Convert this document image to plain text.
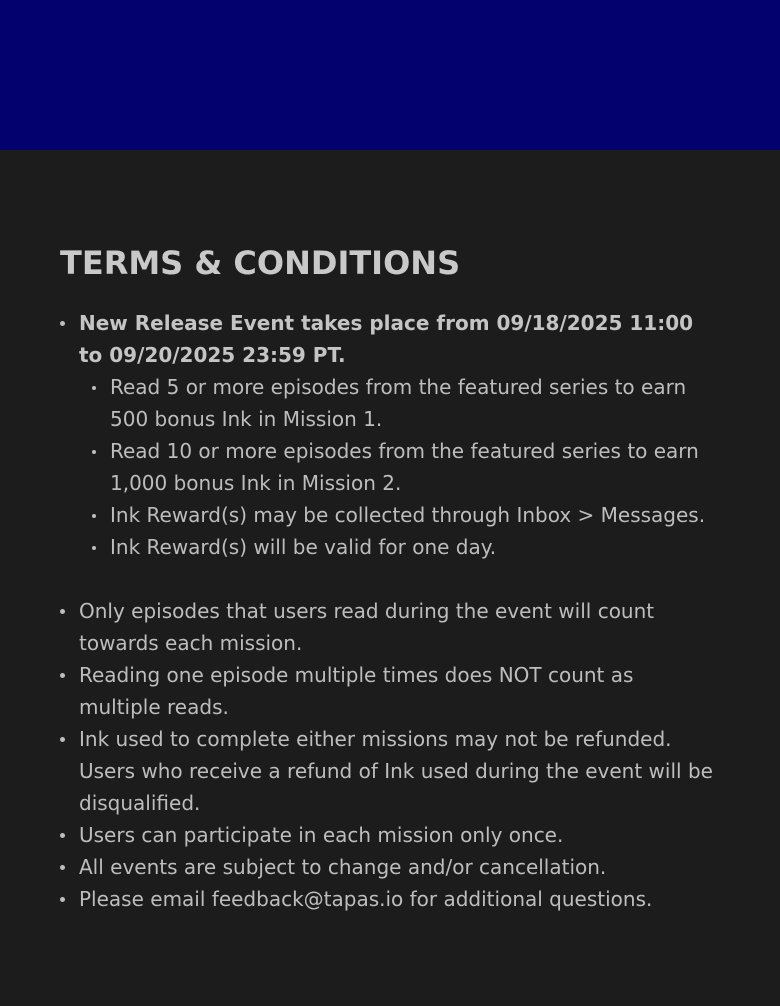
TERMS & CONDITIONS
New Release Event takes place from 09/18/2025 11:00 to 09/20/2025 23:59 PT.
Read 5 or more episodes from the featured series to earn 500 bonus Ink in Mission 1.
Read 10 or more episodes from the featured series to earn 1,000 bonus Ink in Mission 2.
Ink Reward(s) may be collected through Inbox > Messages.
Ink Reward(s) will be valid for one day.
Only episodes that users read during the event will count towards each mission.
Reading one episode multiple times does NOT count as multiple reads.
Ink used to complete either missions may not be refunded. Users who receive a refund of Ink used during the event will be disqualified.
Users can participate in each mission only once.
All events are subject to change and/or cancellation.
Please email feedback@tapas.io for additional questions.
